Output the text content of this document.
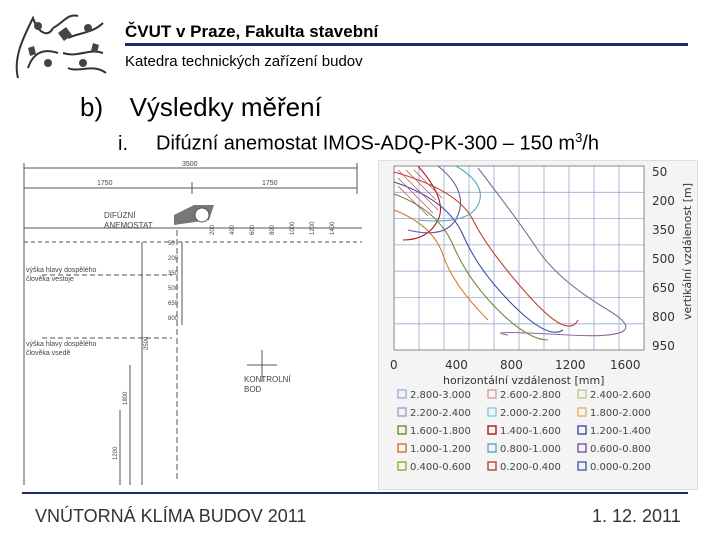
ČVUT v Praze, Fakulta stavební
Katedra technických zařízení budov
b) Výsledky měření
i. Difúzní anemostat IMOS-ADQ-PK-300 – 150 $m^3/h$
3500
1750	1750
DIFÚZNÍ
ANEMOSTAT
výška hlavy dospělého
člověka vestoje
výška hlavy dospělého
člověka vsedě
KONTROLNÍ
BOD
200 400 600 800 1000 1200 1400
50
200
350
500
650
800
2500
1800
1200
50
200
350
500
650
800
950
0	400	800	1200 1600
vertikální vzdálenost [m]
horizontální vzdálenost [mm]
2.800-3.000	2.600-2.800	2.400-2.600
2.200-2.400	2.000-2.200	1.800-2.000
1.600-1.800	1.400-1.600	1.200-1.400
1.000-1.200	0.800-1.000	0.600-0.800
0.400-0.600	0.200-0.400	0.000-0.200
VNÚTORNÁ KLÍMA BUDOV 2011	1. 12. 2011
